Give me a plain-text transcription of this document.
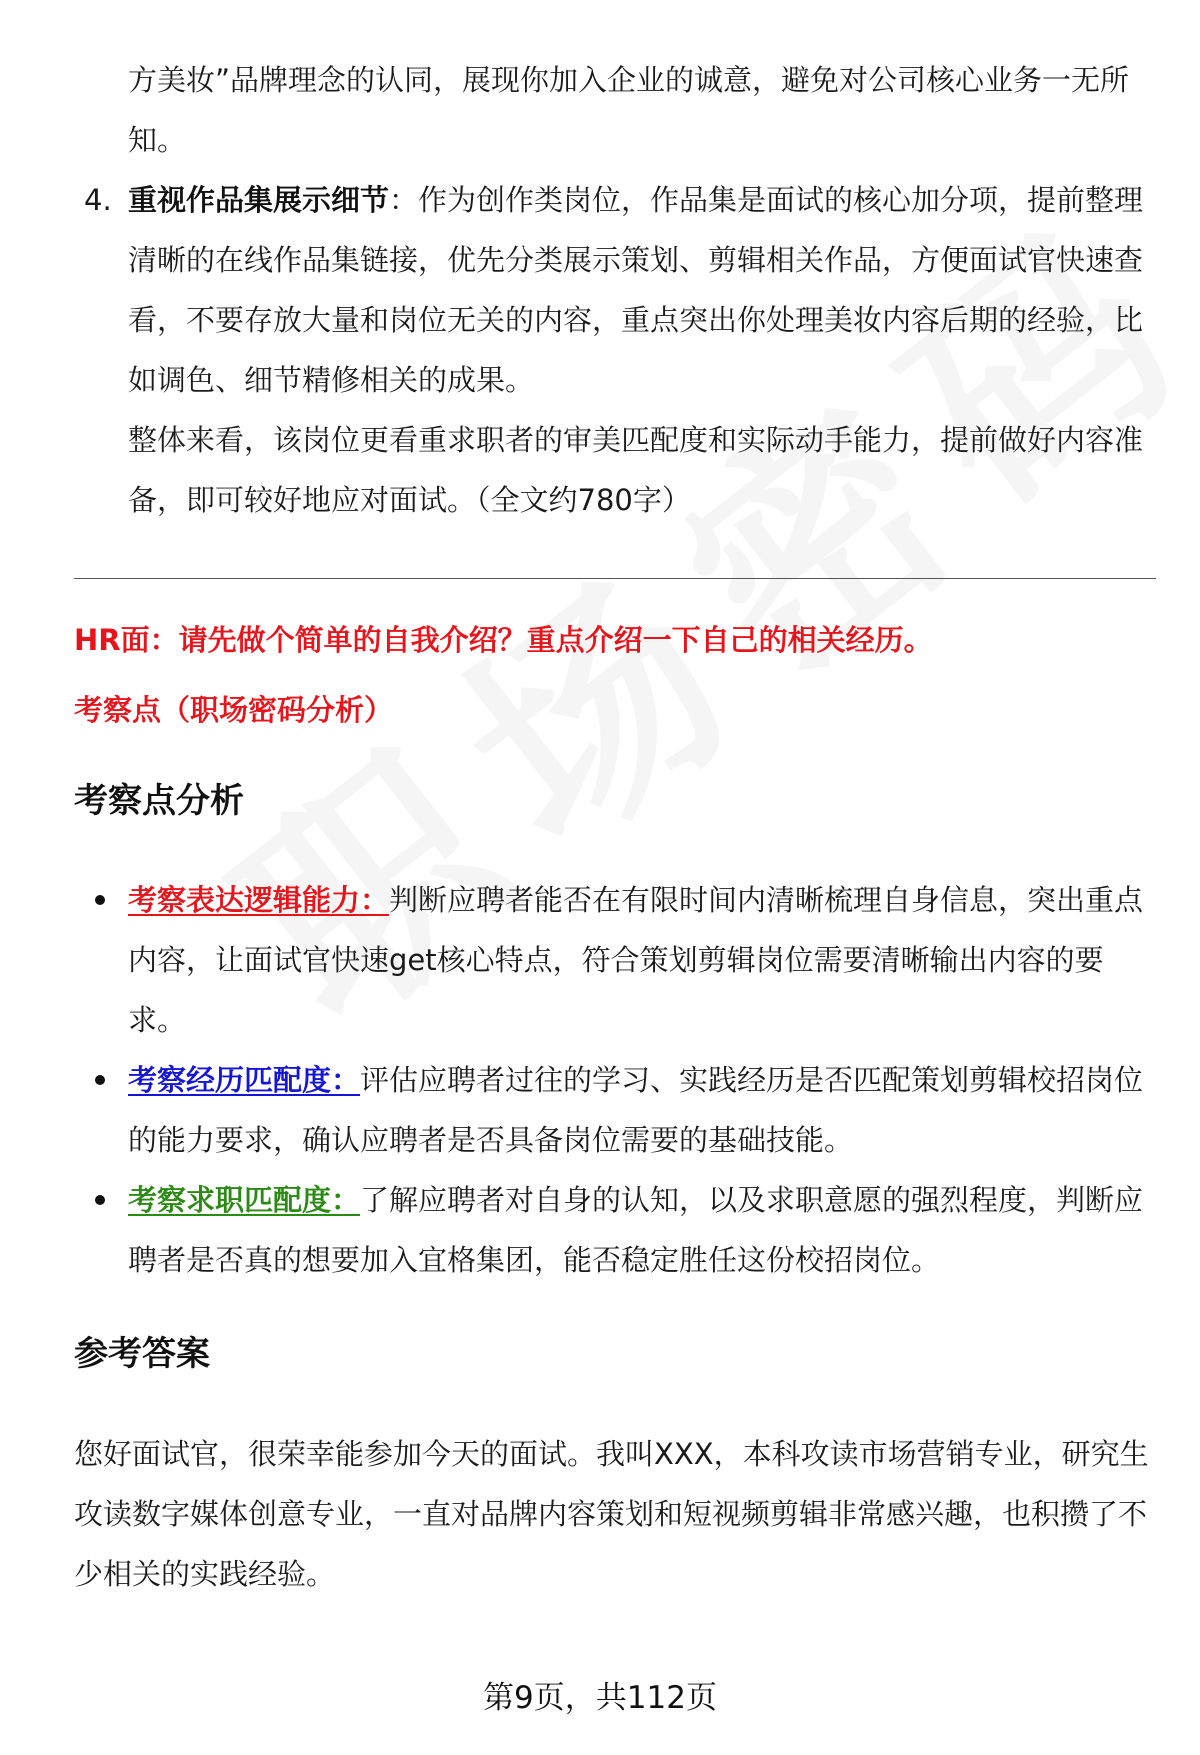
方美妆”品牌理念的认同，展现你加入企业的诚意，避免对公司核心业务一无所知。
4. 重视作品集展示细节：作为创作类岗位，作品集是面试的核心加分项，提前整理清晰的在线作品集链接，优先分类展示策划、剪辑相关作品，方便面试官快速查看，不要存放大量和岗位无关的内容，重点突出你处理美妆内容后期的经验，比如调色、细节精修相关的成果。
整体来看，该岗位更看重求职者的审美匹配度和实际动手能力，提前做好内容准备，即可较好地应对面试。（全文约780字）
HR面：请先做个简单的自我介绍？重点介绍一下自己的相关经历。
考察点（职场密码分析）
考察点分析
考察表达逻辑能力：判断应聘者能否在有限时间内清晰梳理自身信息，突出重点内容，让面试官快速get核心特点，符合策划剪辑岗位需要清晰输出内容的要求。
考察经历匹配度：评估应聘者过往的学习、实践经历是否匹配策划剪辑校招岗位的能力要求，确认应聘者是否具备岗位需要的基础技能。
考察求职匹配度：了解应聘者对自身的认知，以及求职意愿的强烈程度，判断应聘者是否真的想要加入宜格集团，能否稳定胜任这份校招岗位。
参考答案
您好面试官，很荣幸能参加今天的面试。我叫XXX，本科攻读市场营销专业，研究生攻读数字媒体创意专业，一直对品牌内容策划和短视频剪辑非常感兴趣，也积攒了不少相关的实践经验。
第9页，共112页
